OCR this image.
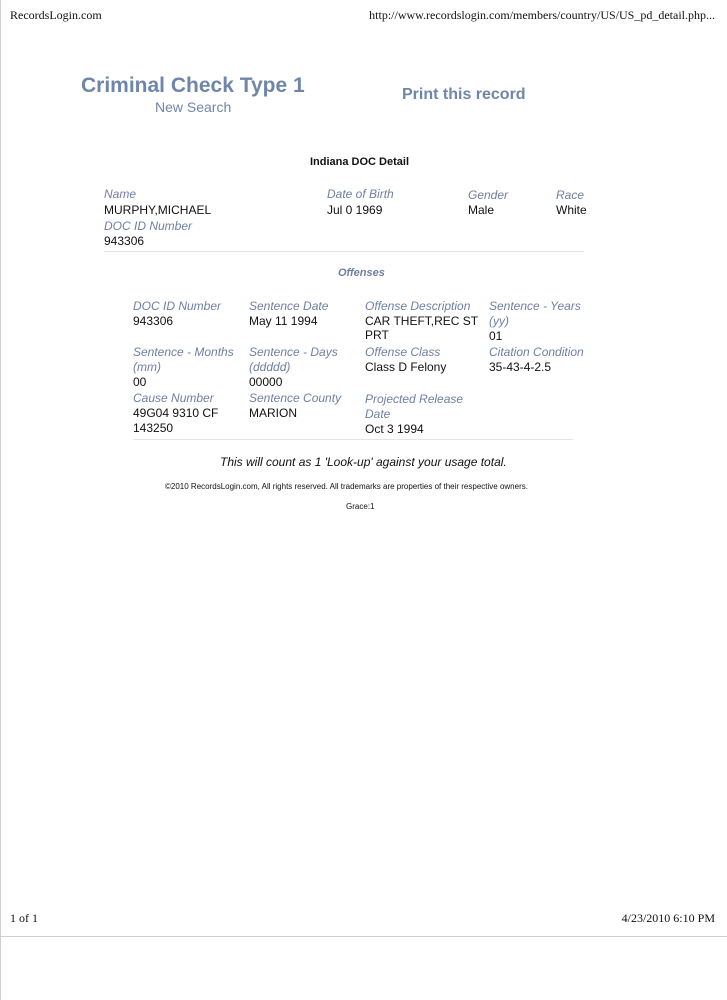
RecordsLogin.com	http://www.recordslogin.com/members/country/US/US_pd_detail.php...
Criminal Check Type 1
New Search
Print this record
Indiana DOC Detail
Name
MURPHY,MICHAEL
Date of Birth
Jul 0 1969
Gender
Male
Race
White
DOC ID Number
943306
Offenses
DOC ID Number
943306
Sentence Date
May 11 1994
Offense Description
CAR THEFT,REC ST
PRT
Sentence - Years
(yy)
01
Sentence - Months
(mm)
00
Sentence - Days
(ddddd)
00000
Offense Class
Class D Felony
Citation Condition
35-43-4-2.5
Cause Number
49G04 9310 CF
143250
Sentence County
MARION
Projected Release
Date
Oct 3 1994
This will count as 1 'Look-up' against your usage total.
©2010 RecordsLogin.com, All rights reserved. All trademarks are properties of their respective owners.
Grace:1
1 of 1	4/23/2010 6:10 PM
